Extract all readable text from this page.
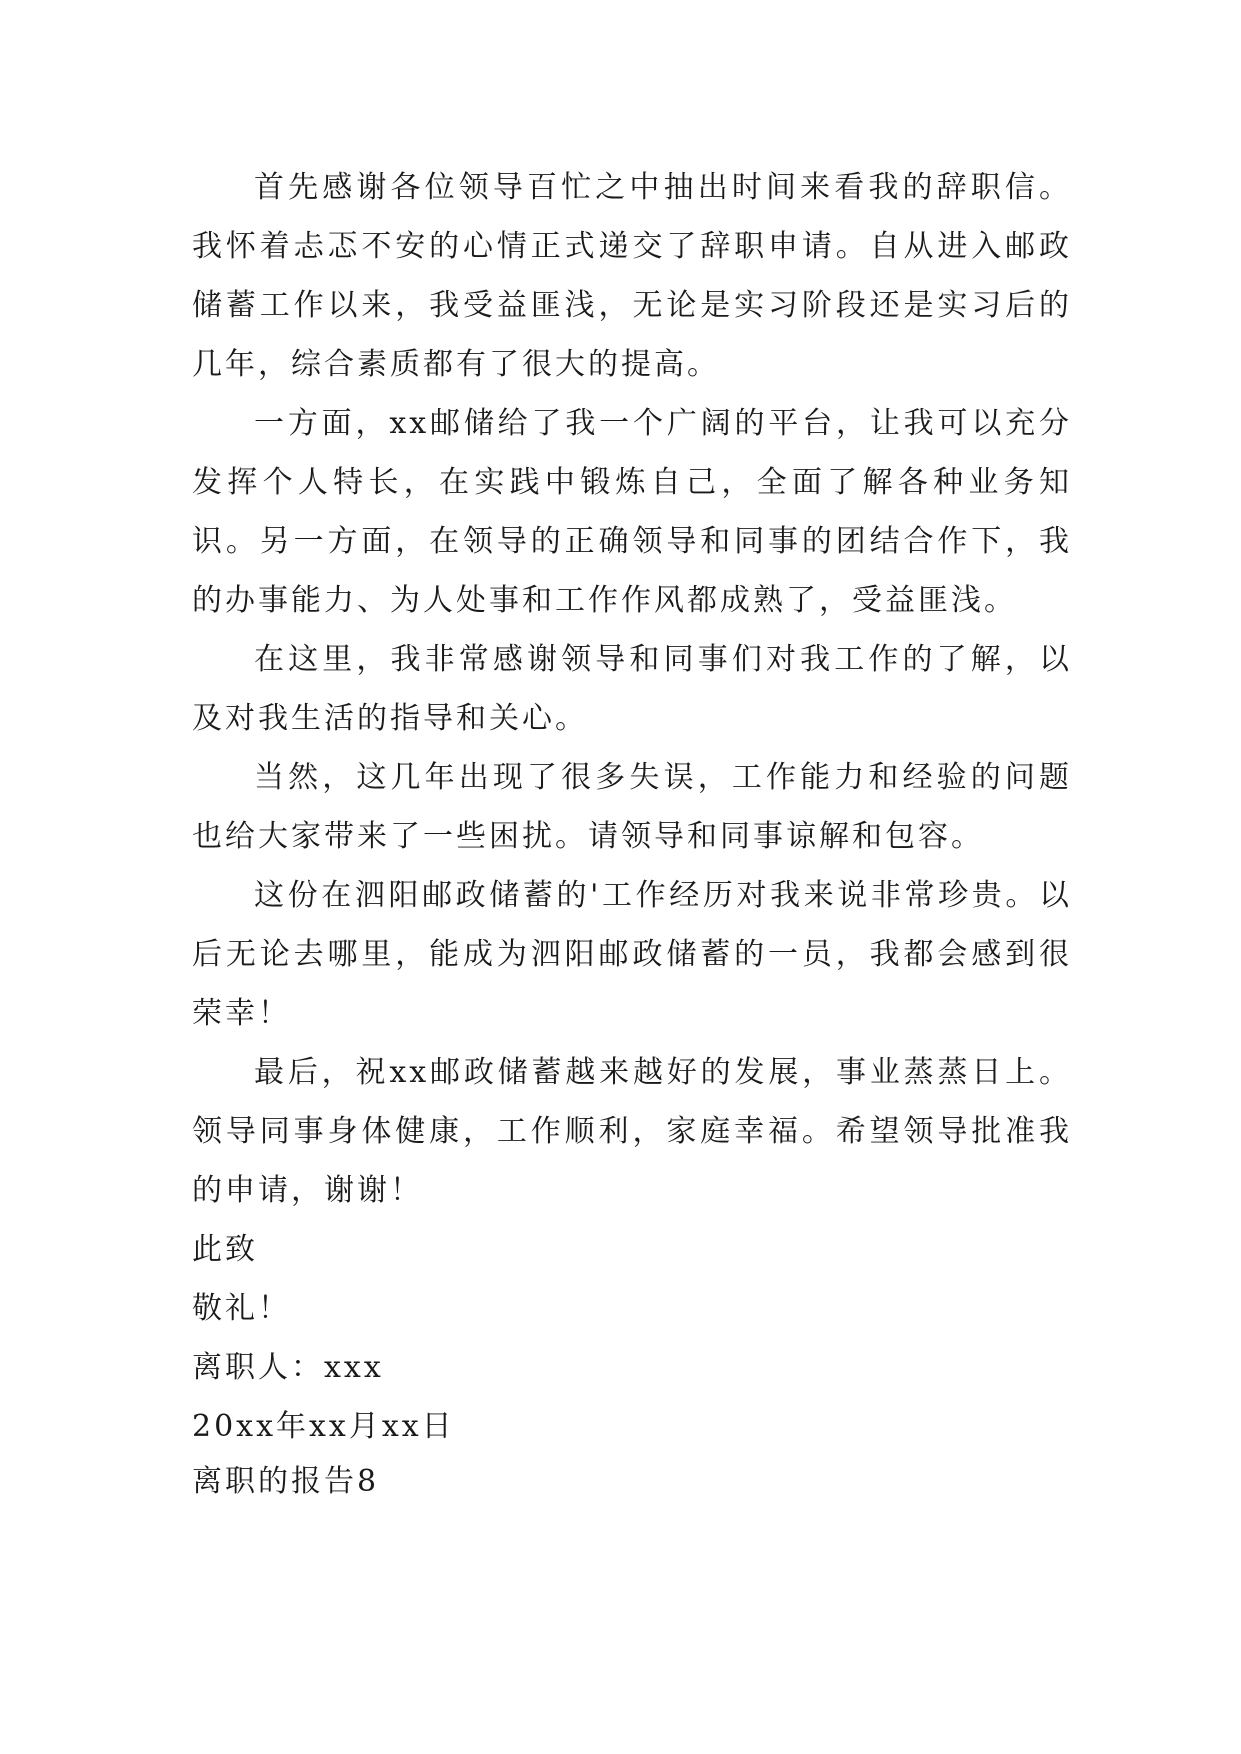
首先感谢各位领导百忙之中抽出时间来看我的辞职信。我怀着忐忑不安的心情正式递交了辞职申请。自从进入邮政储蓄工作以来，我受益匪浅，无论是实习阶段还是实习后的几年，综合素质都有了很大的提高。

一方面，xx邮储给了我一个广阔的平台，让我可以充分发挥个人特长，在实践中锻炼自己，全面了解各种业务知识。另一方面，在领导的正确领导和同事的团结合作下，我的办事能力、为人处事和工作作风都成熟了，受益匪浅。

在这里，我非常感谢领导和同事们对我工作的了解，以及对我生活的指导和关心。

当然，这几年出现了很多失误，工作能力和经验的问题也给大家带来了一些困扰。请领导和同事谅解和包容。

这份在泗阳邮政储蓄的'工作经历对我来说非常珍贵。以后无论去哪里，能成为泗阳邮政储蓄的一员，我都会感到很荣幸！

最后，祝xx邮政储蓄越来越好的发展，事业蒸蒸日上。领导同事身体健康，工作顺利，家庭幸福。希望领导批准我的申请，谢谢！

此致

敬礼！

离职人：xxx

20xx年xx月xx日

离职的报告8
